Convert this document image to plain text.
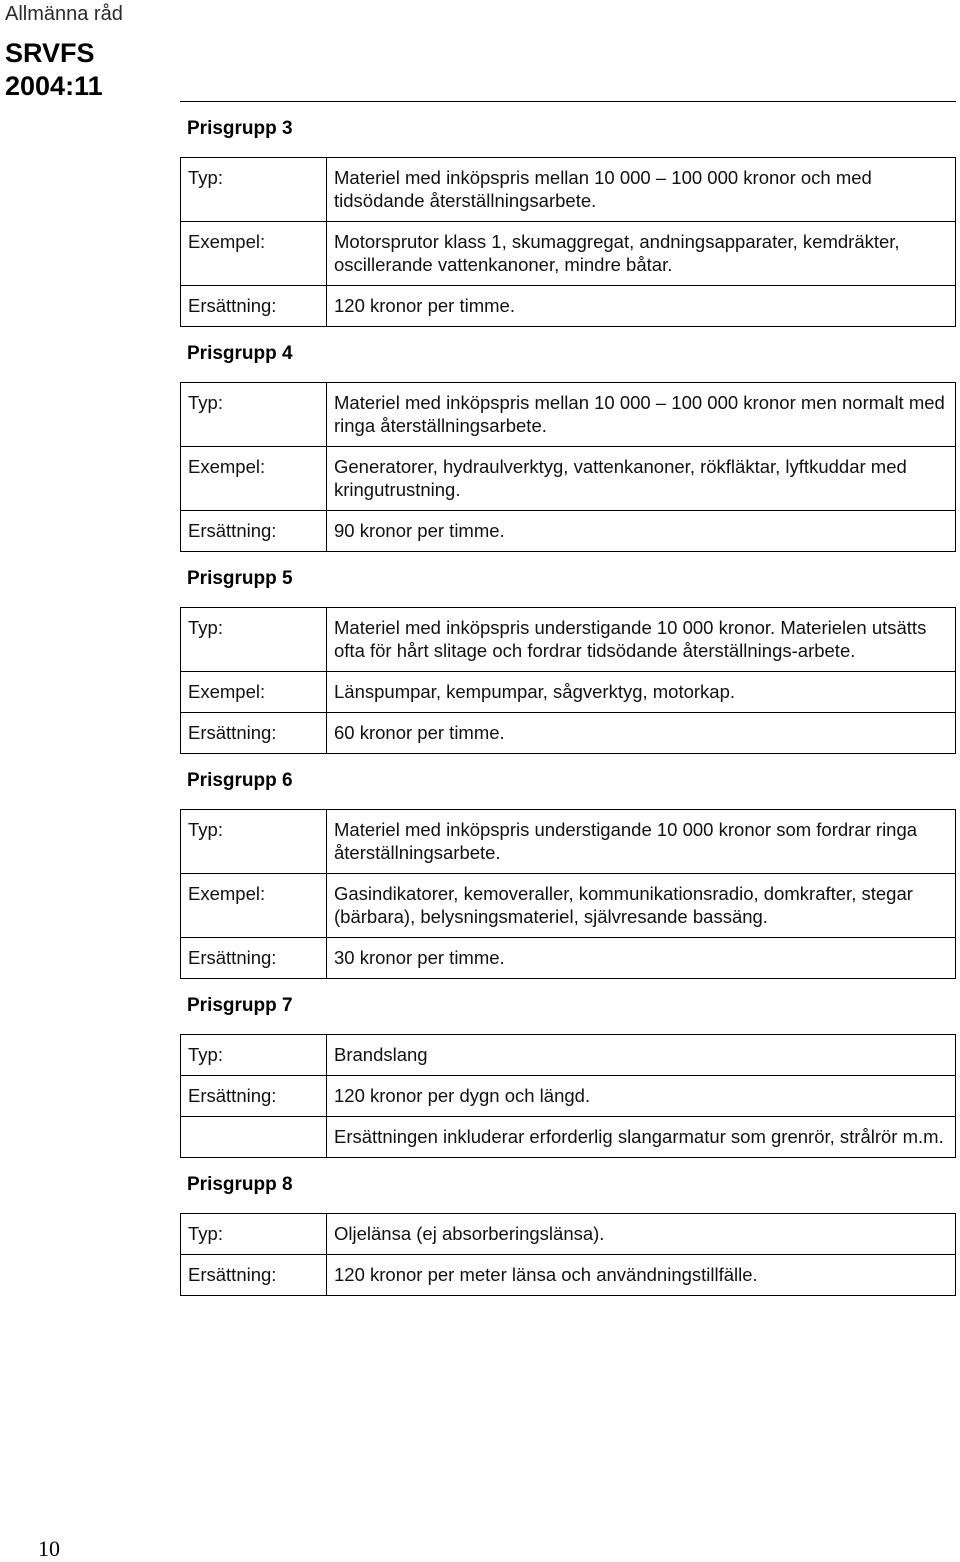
Allmänna råd
SRVFS
2004:11
Prisgrupp 3
Typ:	Materiel med inköpspris mellan 10 000 – 100 000 kronor och med tidsödande återställningsarbete.
Exempel:	Motorsprutor klass 1, skumaggregat, andningsapparater, kemdräkter, oscillerande vattenkanoner, mindre båtar.
Ersättning:	120 kronor per timme.
Prisgrupp 4
Typ:	Materiel med inköpspris mellan 10 000 – 100 000 kronor men normalt med ringa återställningsarbete.
Exempel:	Generatorer, hydraulverktyg, vattenkanoner, rökfläktar, lyftkuddar med kringutrustning.
Ersättning:	90 kronor per timme.
Prisgrupp 5
Typ:	Materiel med inköpspris understigande 10 000 kronor. Materielen utsätts ofta för hårt slitage och fordrar tidsödande återställnings-arbete.
Exempel:	Länspumpar, kempumpar, sågverktyg, motorkap.
Ersättning:	60 kronor per timme.
Prisgrupp 6
Typ:	Materiel med inköpspris understigande 10 000 kronor som fordrar ringa återställningsarbete.
Exempel:	Gasindikatorer, kemoveraller, kommunikationsradio, domkrafter, stegar (bärbara), belysningsmateriel, självresande bassäng.
Ersättning:	30 kronor per timme.
Prisgrupp 7
Typ:	Brandslang
Ersättning:	120 kronor per dygn och längd.
	Ersättningen inkluderar erforderlig slangarmatur som grenrör, strålrör m.m.
Prisgrupp 8
Typ:	Oljelänsa (ej absorberingslänsa).
Ersättning:	120 kronor per meter länsa och användningstillfälle.
10
